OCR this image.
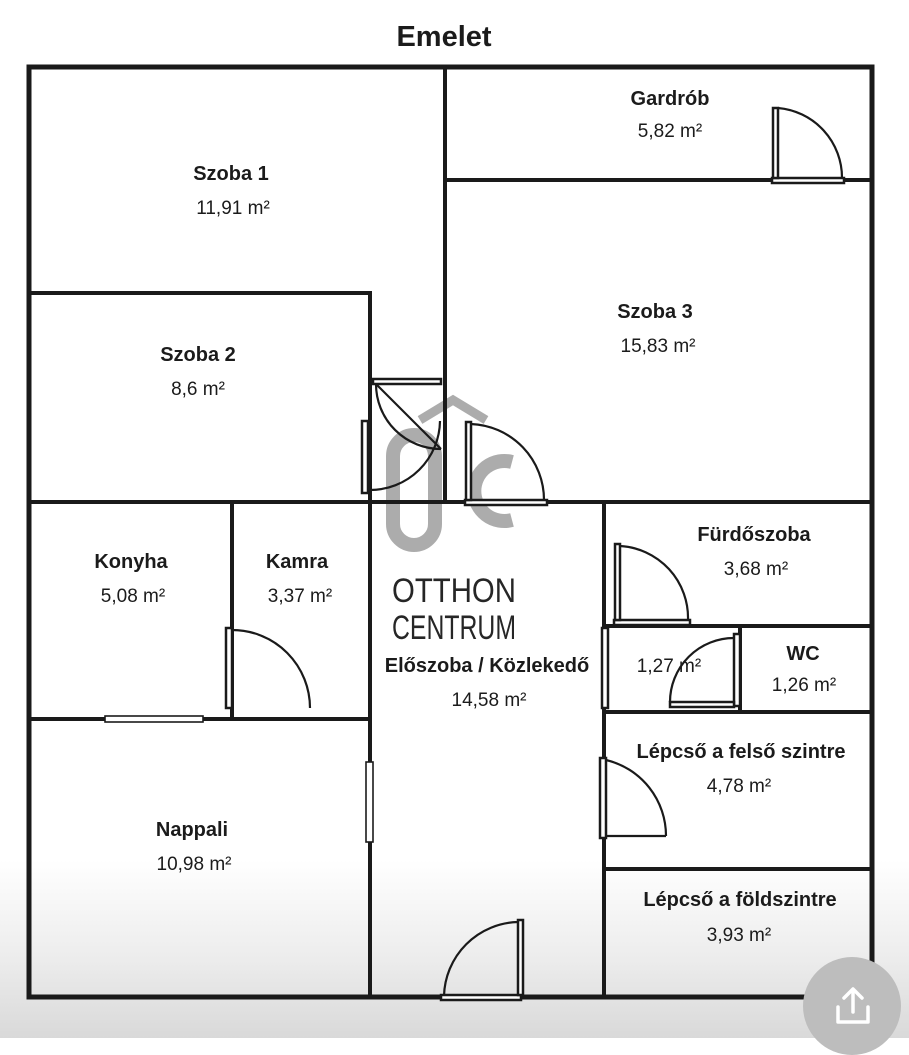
Emelet
OTTHON
CENTRUM
Gardrób
5,82 m²
Szoba 1
11,91 m²
Szoba 3
15,83 m²
Szoba 2
8,6 m²
Konyha
5,08 m²
Kamra
3,37 m²
Fürdőszoba
3,68 m²
Előszoba / Közlekedő
14,58 m²
1,27 m²
WC
1,26 m²
Lépcső a felső szintre
4,78 m²
Nappali
10,98 m²
Lépcső a földszintre
3,93 m²
